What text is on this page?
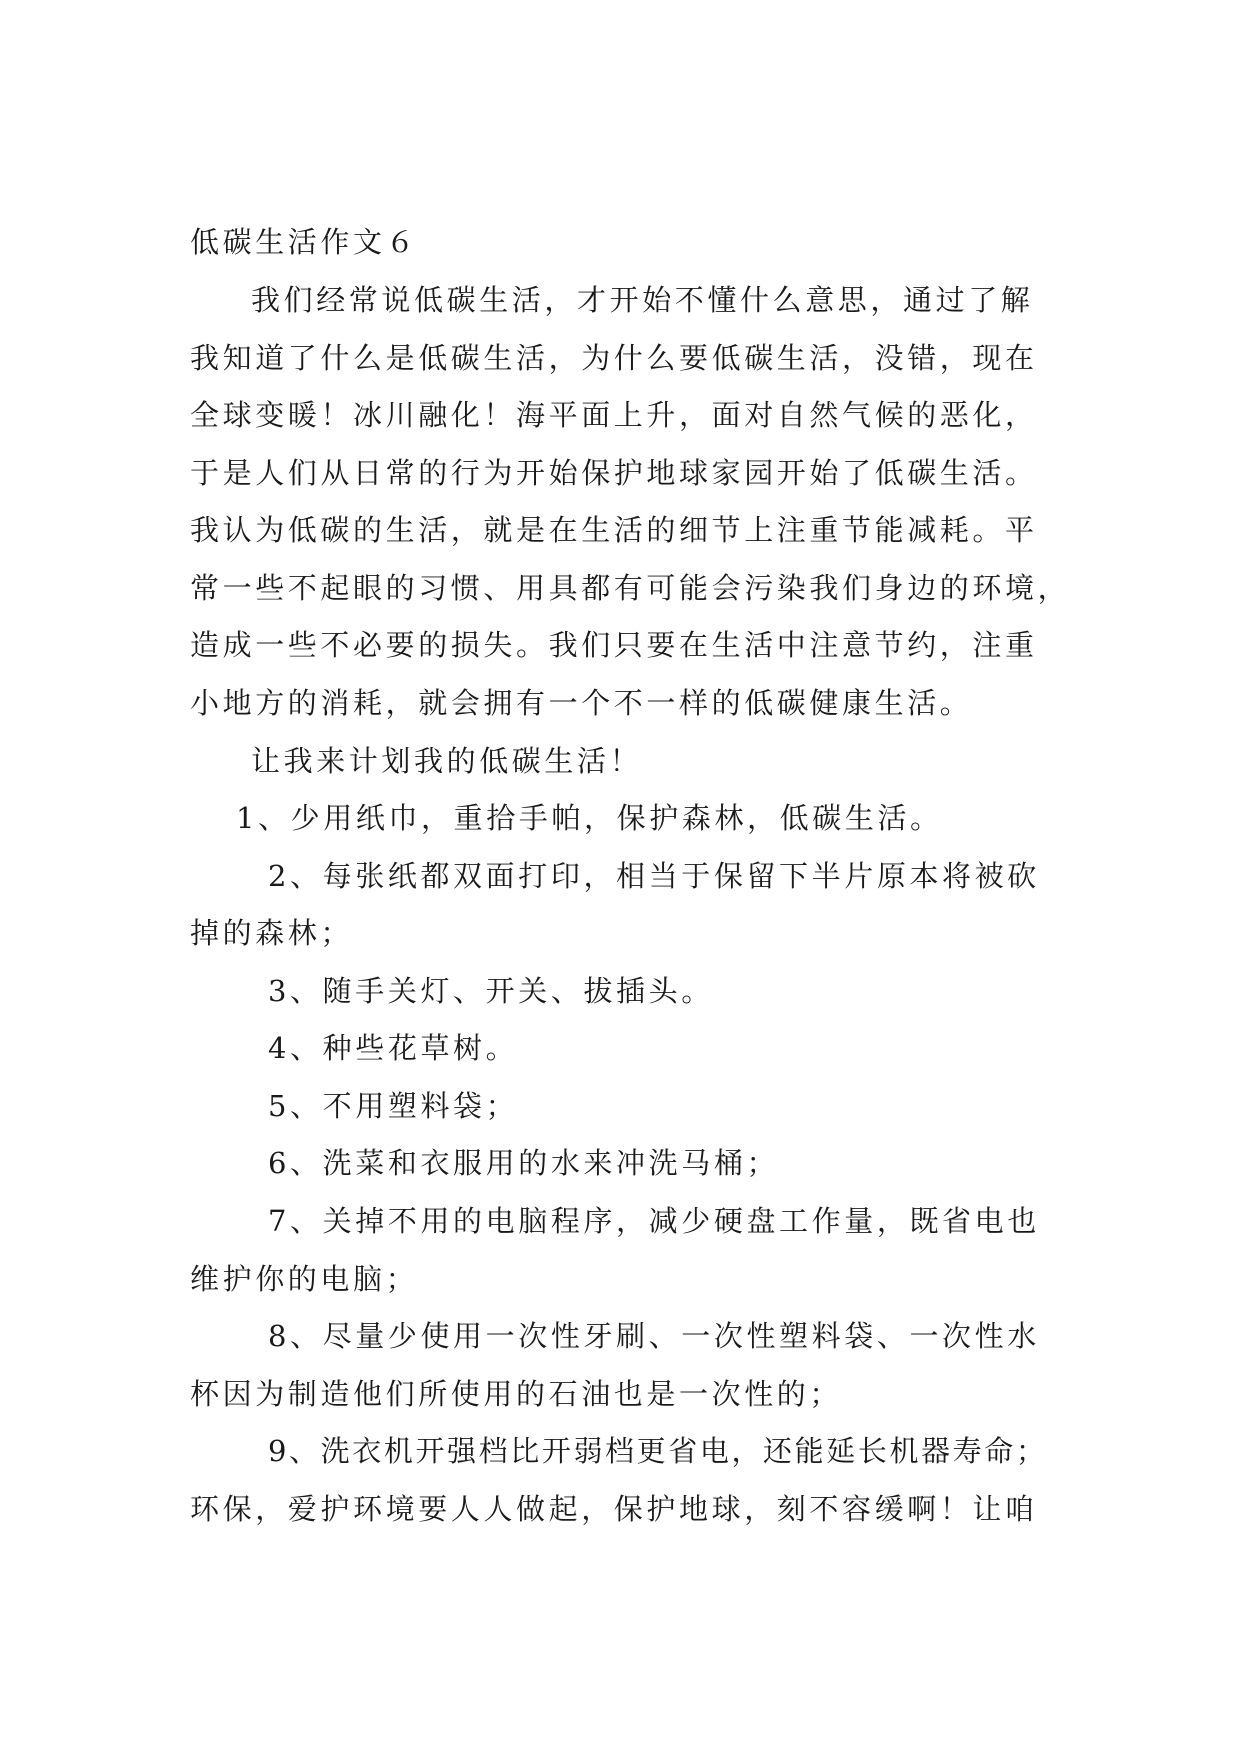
低碳生活作文６

我们经常说低碳生活，才开始不懂什么意思，通过了解

我知道了什么是低碳生活，为什么要低碳生活，没错，现在

全球变暖！冰川融化！海平面上升，面对自然气候的恶化，

于是人们从日常的行为开始保护地球家园开始了低碳生活。

我认为低碳的生活，就是在生活的细节上注重节能减耗。平

常一些不起眼的习惯、用具都有可能会污染我们身边的环境，

造成一些不必要的损失。我们只要在生活中注意节约，注重

小地方的消耗，就会拥有一个不一样的低碳健康生活。

让我来计划我的低碳生活！

1、少用纸巾，重拾手帕，保护森林，低碳生活。

2、每张纸都双面打印，相当于保留下半片原本将被砍

掉的森林；

3、随手关灯、开关、拔插头。

4、种些花草树。

5、不用塑料袋；

6、洗菜和衣服用的水来冲洗马桶；

7、关掉不用的电脑程序，减少硬盘工作量，既省电也

维护你的电脑；

8、尽量少使用一次性牙刷、一次性塑料袋、一次性水

杯因为制造他们所使用的石油也是一次性的；

9、洗衣机开强档比开弱档更省电，还能延长机器寿命；

环保，爱护环境要人人做起，保护地球，刻不容缓啊！让咱
